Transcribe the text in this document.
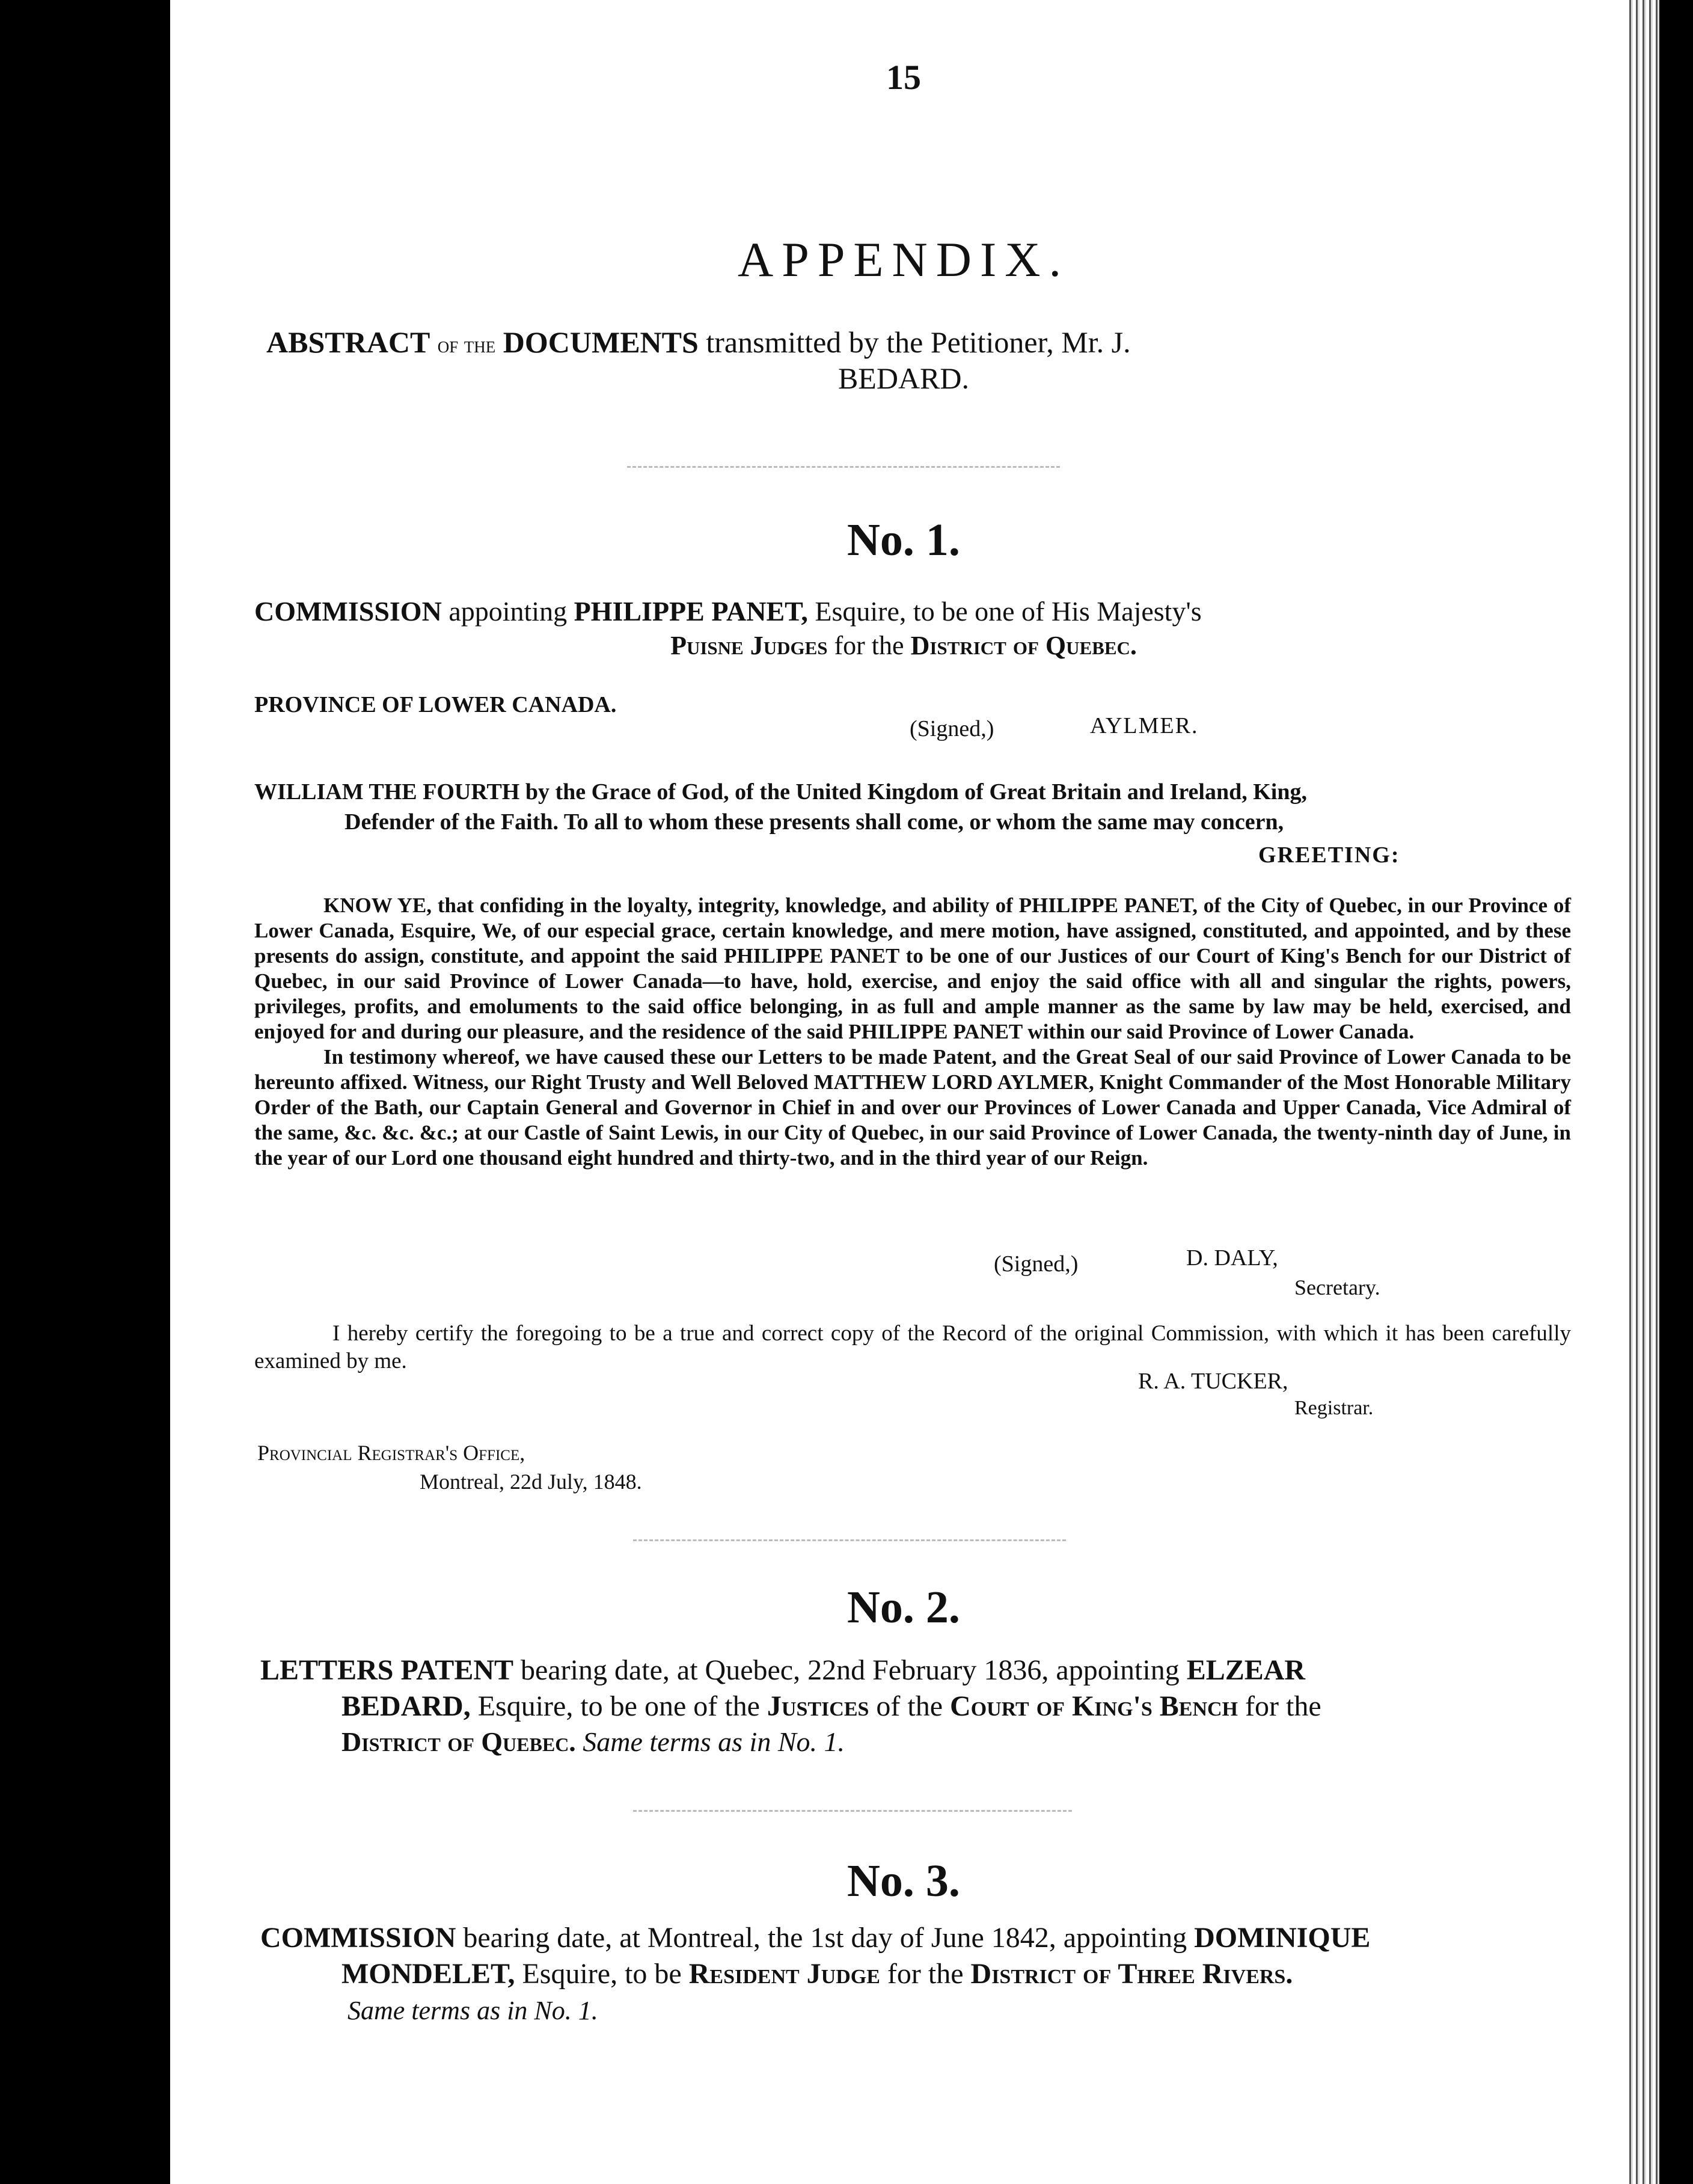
15

APPENDIX.

ABSTRACT of the DOCUMENTS transmitted by the Petitioner, Mr. J.

BEDARD.

No. 1.

COMMISSION appointing PHILIPPE PANET, Esquire, to be one of His Majesty's
Puisne Judges for the District of Quebec.

PROVINCE OF LOWER CANADA.

(Signed,)	AYLMER.

WILLIAM THE FOURTH by the Grace of God, of the United Kingdom of Great Britain and Ireland, King,

Defender of the Faith. To all to whom these presents shall come, or whom the same may concern,

GREETING:

KNOW YE, that confiding in the loyalty, integrity, knowledge, and ability of PHILIPPE PANET, of the City of Quebec, in our Province of Lower Canada, Esquire, We, of our especial grace, certain knowledge, and mere motion, have assigned, constituted, and appointed, and by these presents do assign, constitute, and appoint the said PHILIPPE PANET to be one of our Justices of our Court of King's Bench for our District of Quebec, in our said Province of Lower Canada—to have, hold, exercise, and enjoy the said office with all and singular the rights, powers, privileges, profits, and emoluments to the said office belonging, in as full and ample manner as the same by law may be held, exercised, and enjoyed for and during our pleasure, and the residence of the said PHILIPPE PANET within our said Province of Lower Canada.

In testimony whereof, we have caused these our Letters to be made Patent, and the Great Seal of our said Province of Lower Canada to be hereunto affixed. Witness, our Right Trusty and Well Beloved MATTHEW LORD AYLMER, Knight Commander of the Most Honorable Military Order of the Bath, our Captain General and Governor in Chief in and over our Provinces of Lower Canada and Upper Canada, Vice Admiral of the same, &c. &c. &c.; at our Castle of Saint Lewis, in our City of Quebec, in our said Province of Lower Canada, the twenty-ninth day of June, in the year of our Lord one thousand eight hundred and thirty-two, and in the third year of our Reign.

(Signed,)	D. DALY,

Secretary.

I hereby certify the foregoing to be a true and correct copy of the Record of the original Commission, with which it has been carefully examined by me.

R. A. TUCKER,

Registrar.

Provincial Registrar's Office,

Montreal, 22d July, 1848.

No. 2.

LETTERS PATENT bearing date, at Quebec, 22nd February 1836, appointing ELZEAR
BEDARD, Esquire, to be one of the Justices of the Court of King's Bench for the
District of Quebec. Same terms as in No. 1.

No. 3.

COMMISSION bearing date, at Montreal, the 1st day of June 1842, appointing DOMINIQUE
MONDELET, Esquire, to be Resident Judge for the District of Three Rivers.

Same terms as in No. 1.
